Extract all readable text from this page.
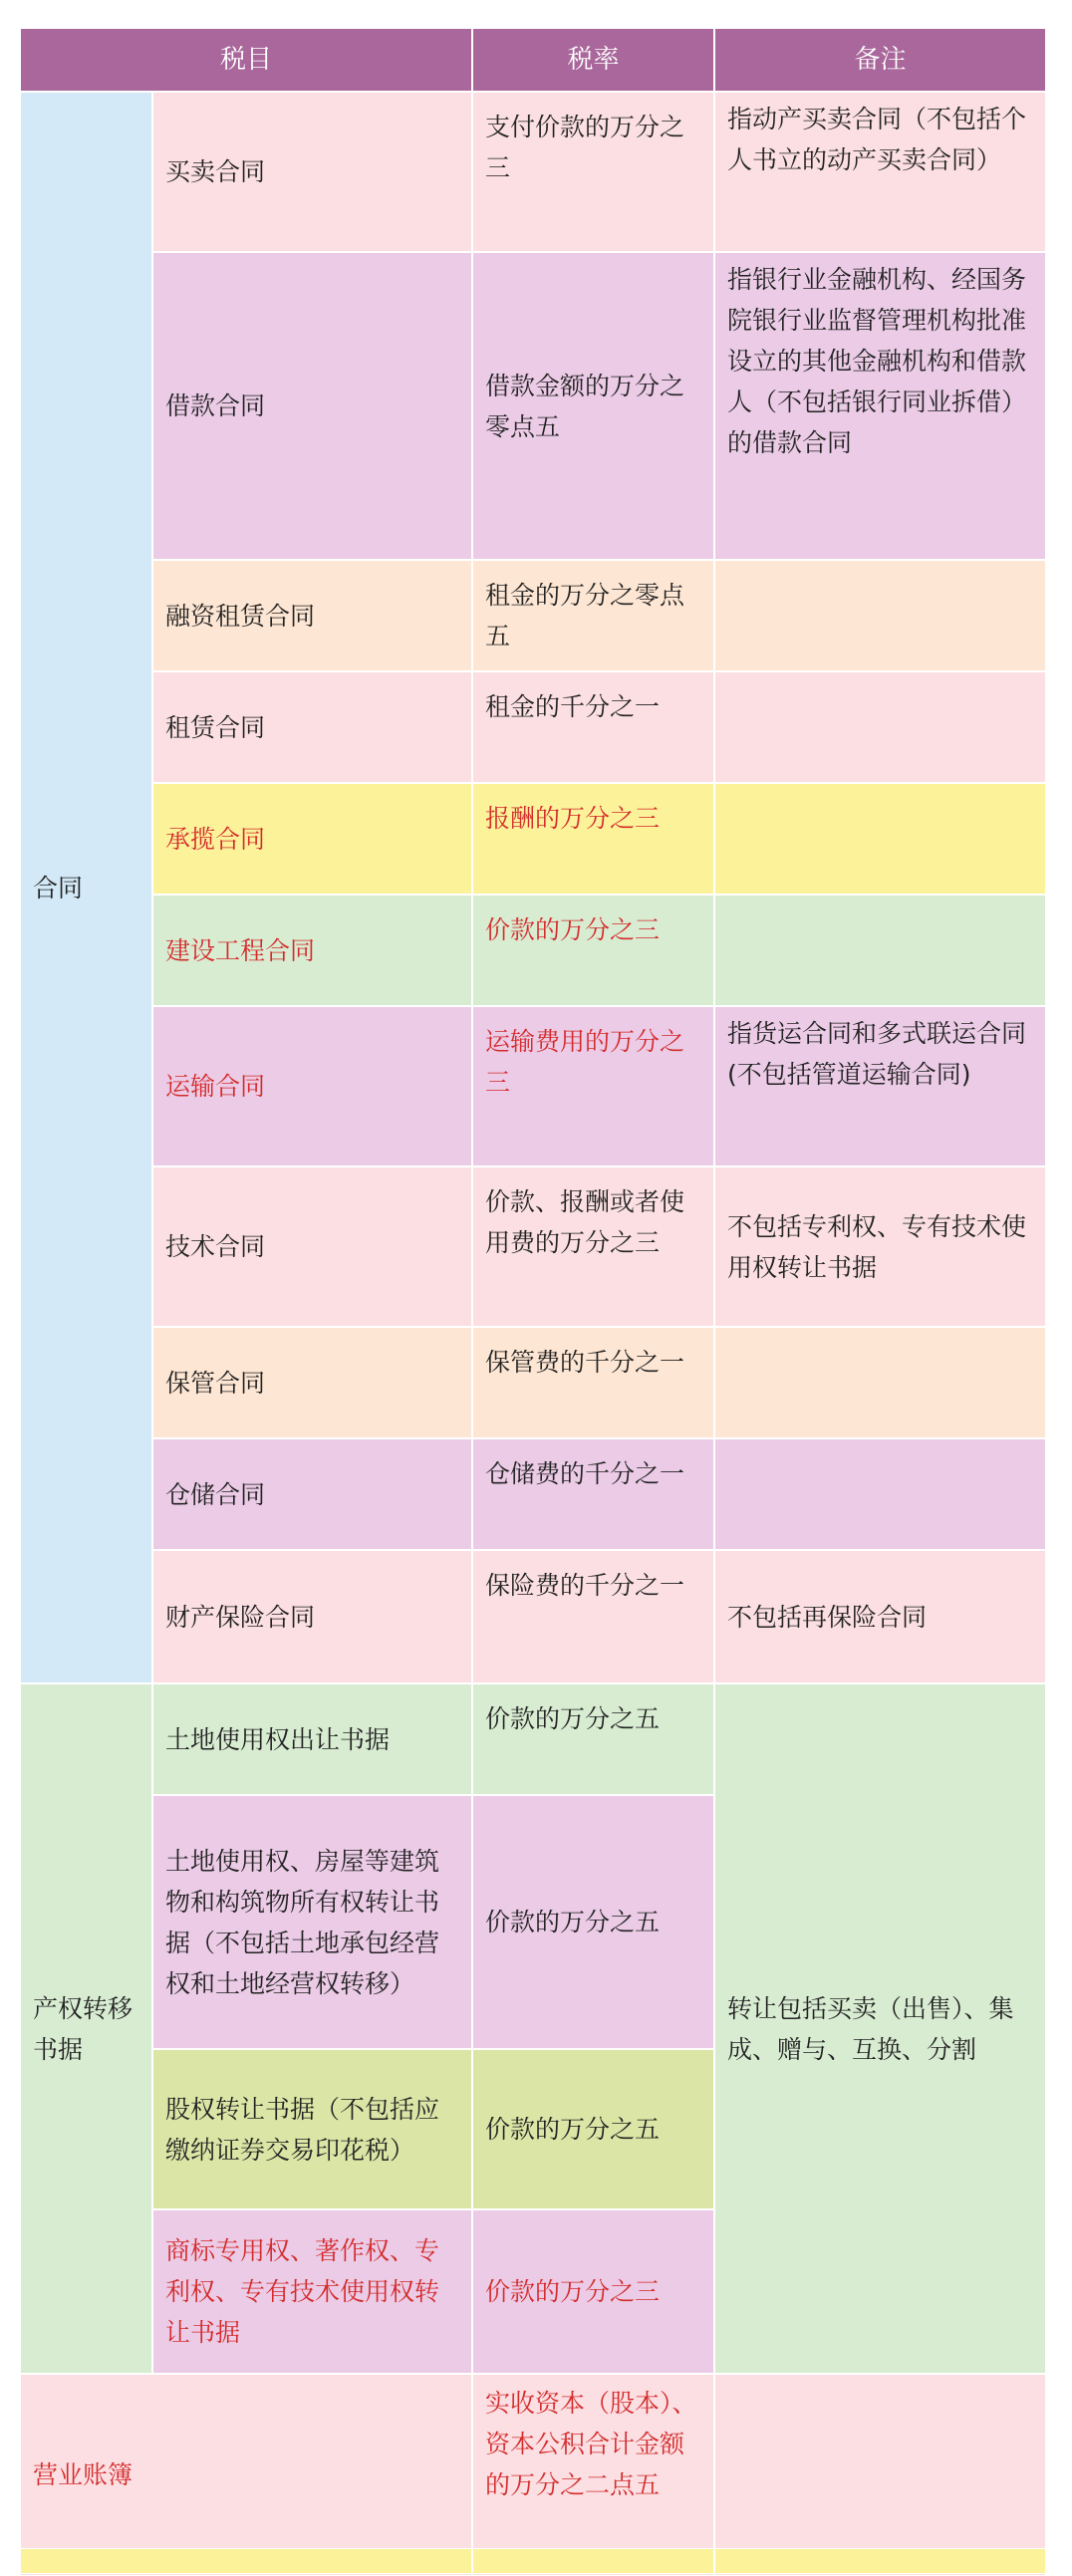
税目	税率	备注
合同
买卖合同
支付价款的万分之三
指动产买卖合同（不包括个人书立的动产买卖合同）
借款合同
借款金额的万分之零点五
指银行业金融机构、经国务院银行业监督管理机构批准设立的其他金融机构和借款人（不包括银行同业拆借）的借款合同
融资租赁合同
租金的万分之零点五
租赁合同
租金的千分之一
承揽合同
报酬的万分之三
建设工程合同
价款的万分之三
运输合同
运输费用的万分之三
指货运合同和多式联运合同(不包括管道运输合同)
技术合同
价款、报酬或者使用费的万分之三
不包括专利权、专有技术使用权转让书据
保管合同
保管费的千分之一
仓储合同
仓储费的千分之一
财产保险合同
保险费的千分之一
不包括再保险合同
产权转移书据
土地使用权出让书据
价款的万分之五
土地使用权、房屋等建筑物和构筑物所有权转让书据（不包括土地承包经营权和土地经营权转移）
价款的万分之五
股权转让书据（不包括应缴纳证券交易印花税）
价款的万分之五
商标专用权、著作权、专利权、专有技术使用权转让书据
价款的万分之三
转让包括买卖（出售）、集成、赠与、互换、分割
营业账簿
实收资本（股本）、资本公积合计金额的万分之二点五
